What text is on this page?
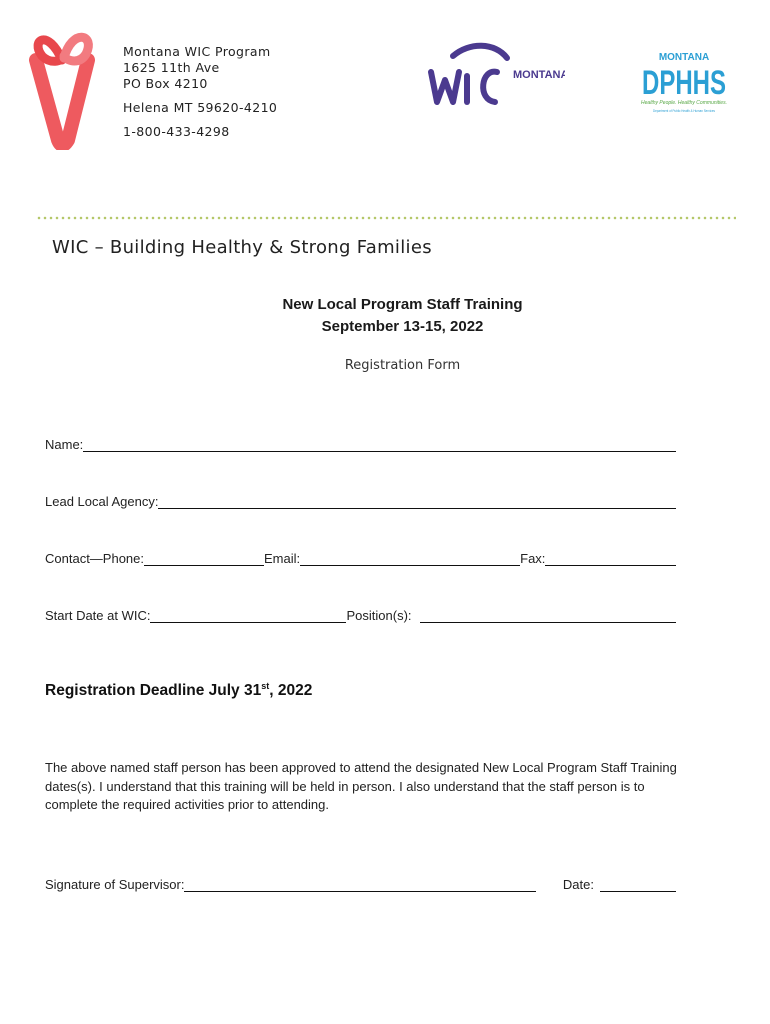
Montana WIC Program
1625 11th Ave
PO Box 4210
Helena MT 59620-4210
1-800-433-4298
MONTANA
MONTANA
DPHHS
Healthy People. Healthy Communities.
Department of Public Health & Human Services
WIC – Building Healthy & Strong Families
New Local Program Staff Training
September 13-15, 2022
Registration Form
Name:
Lead Local Agency:
Contact—Phone:	Email:	Fax:
Start Date at WIC:	Position(s):
Registration Deadline July 31st, 2022
The above named staff person has been approved to attend the designated New Local Program Staff Training dates(s). I understand that this training will be held in person. I also understand that the staff person is to complete the required activities prior to attending.
Signature of Supervisor:	Date:
